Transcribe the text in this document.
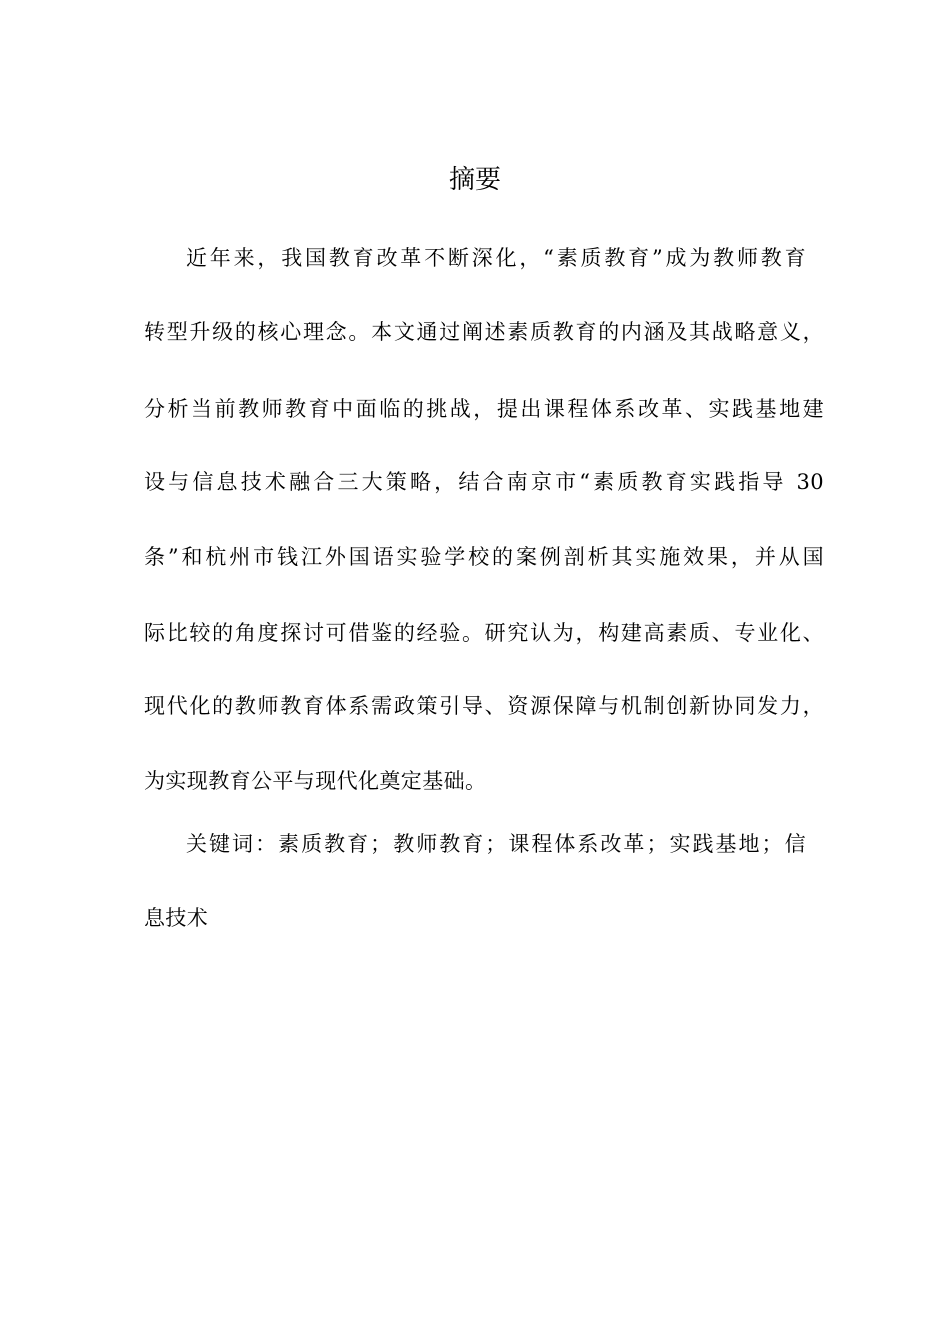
摘要

近年来，我国教育改革不断深化，“素质教育”成为教师教育

转型升级的核心理念。本文通过阐述素质教育的内涵及其战略意义，

分析当前教师教育中面临的挑战，提出课程体系改革、实践基地建

设与信息技术融合三大策略，结合南京市“素质教育实践指导 30

条”和杭州市钱江外国语实验学校的案例剖析其实施效果，并从国

际比较的角度探讨可借鉴的经验。研究认为，构建高素质、专业化、

现代化的教师教育体系需政策引导、资源保障与机制创新协同发力，

为实现教育公平与现代化奠定基础。

关键词：素质教育；教师教育；课程体系改革；实践基地；信

息技术
